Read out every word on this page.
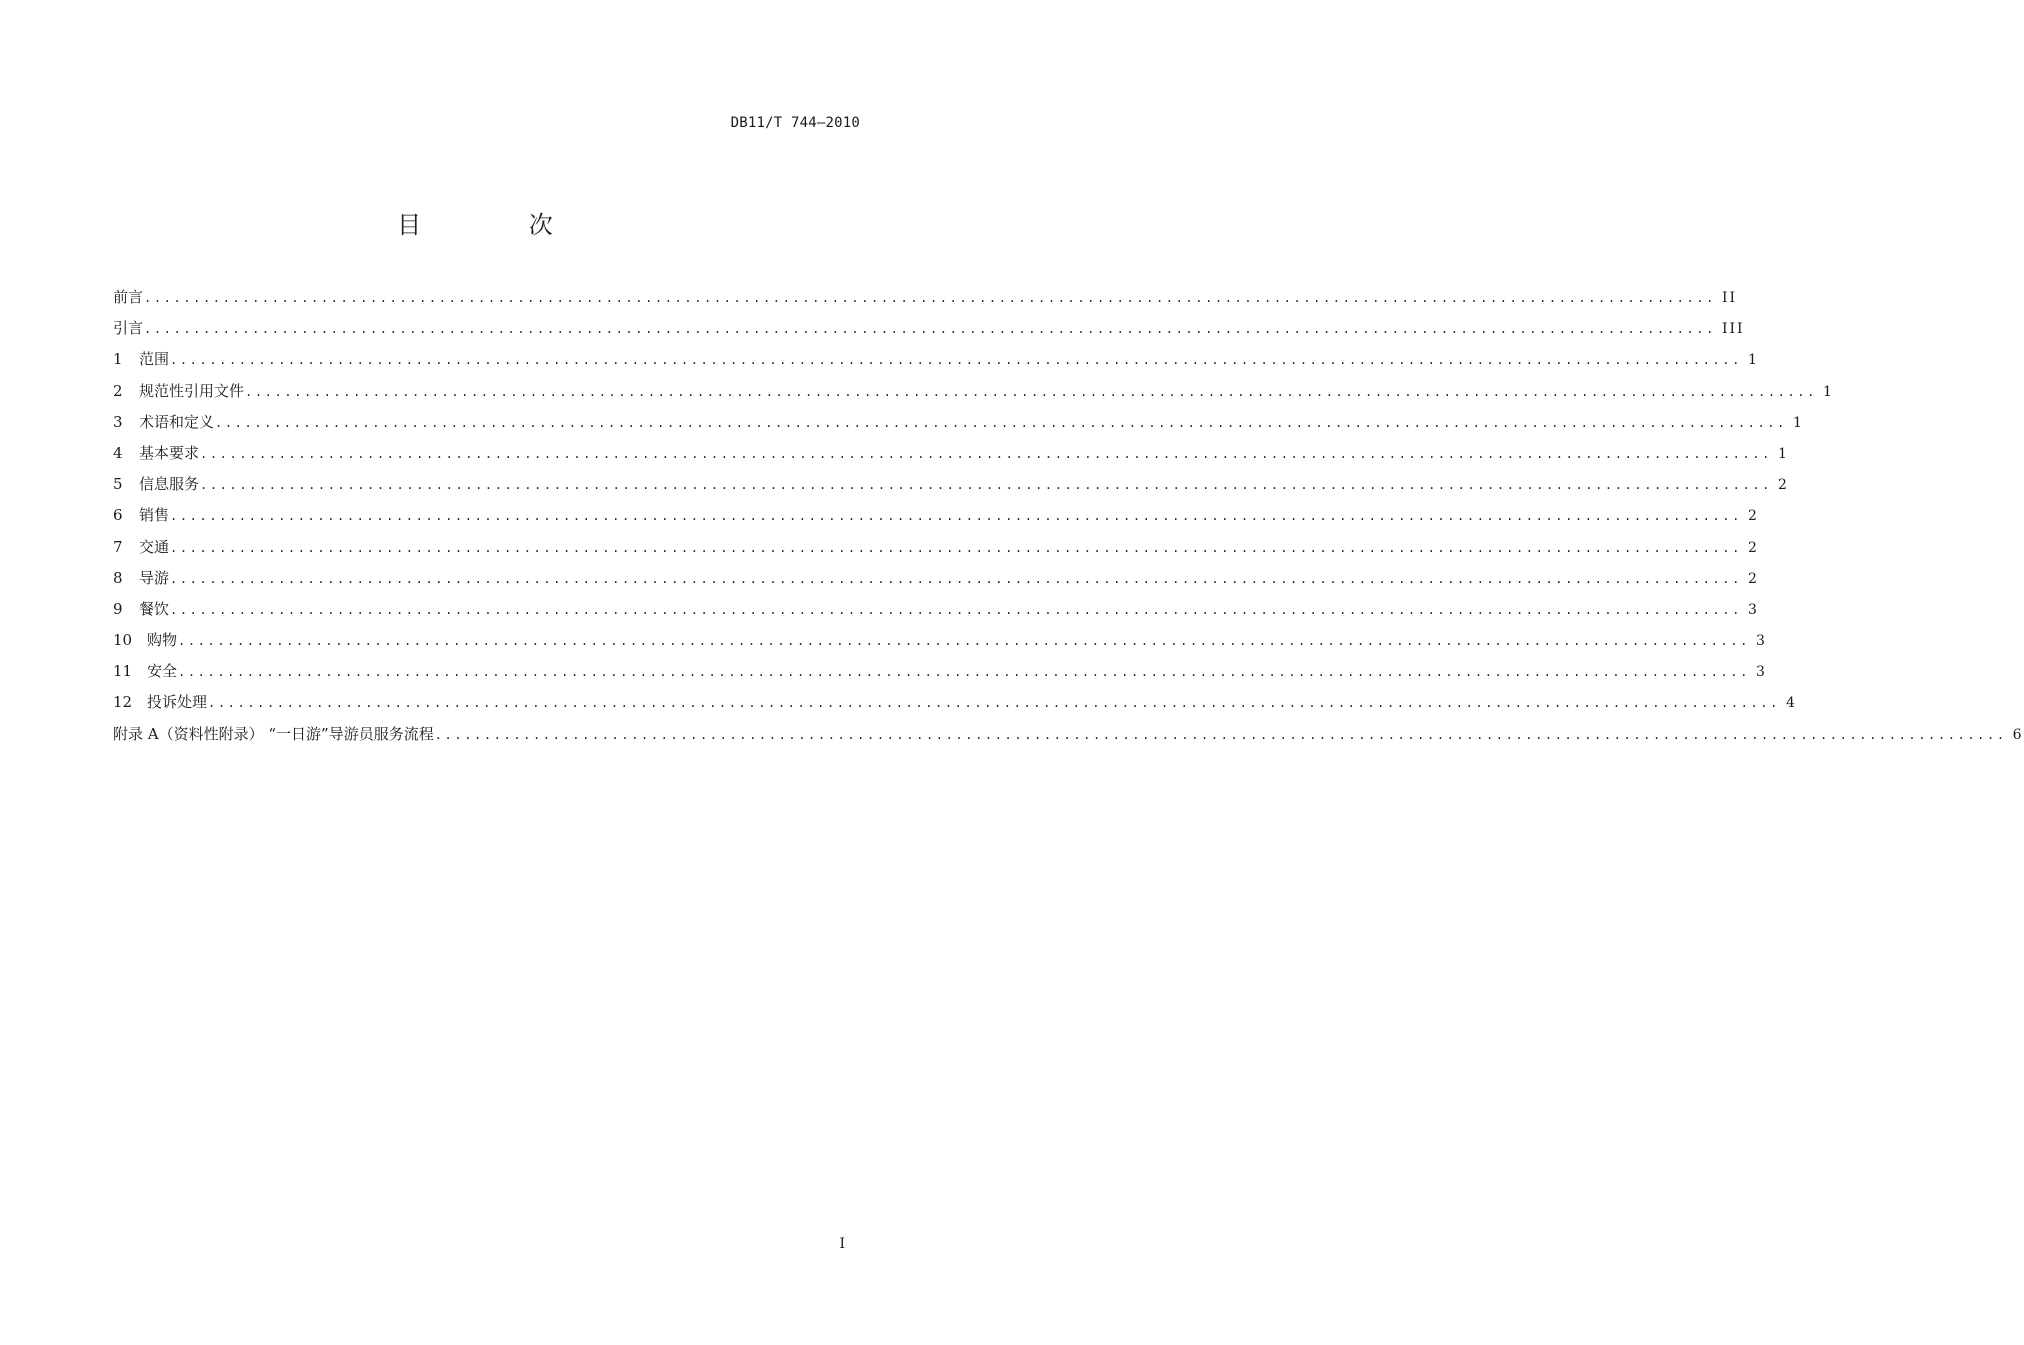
DB11/T 744—2010
目 次
前言 ................................................................................................................................................................ II
引言 ................................................................................................................................................................ III
1	范围 ................................................................................................................................................................ 1
2	规范性引用文件 ................................................................................................................................................................ 1
3	术语和定义 ................................................................................................................................................................ 1
4	基本要求 ................................................................................................................................................................ 1
5	信息服务 ................................................................................................................................................................ 2
6	销售 ................................................................................................................................................................ 2
7	交通 ................................................................................................................................................................ 2
8	导游 ................................................................................................................................................................ 2
9	餐饮 ................................................................................................................................................................ 3
10 购物 ................................................................................................................................................................ 3
11 安全 ................................................................................................................................................................ 3
12 投诉处理 ................................................................................................................................................................ 4
附录 A（资料性附录） “一日游”导游员服务流程 ................................................................................................................................................................ 6
I
